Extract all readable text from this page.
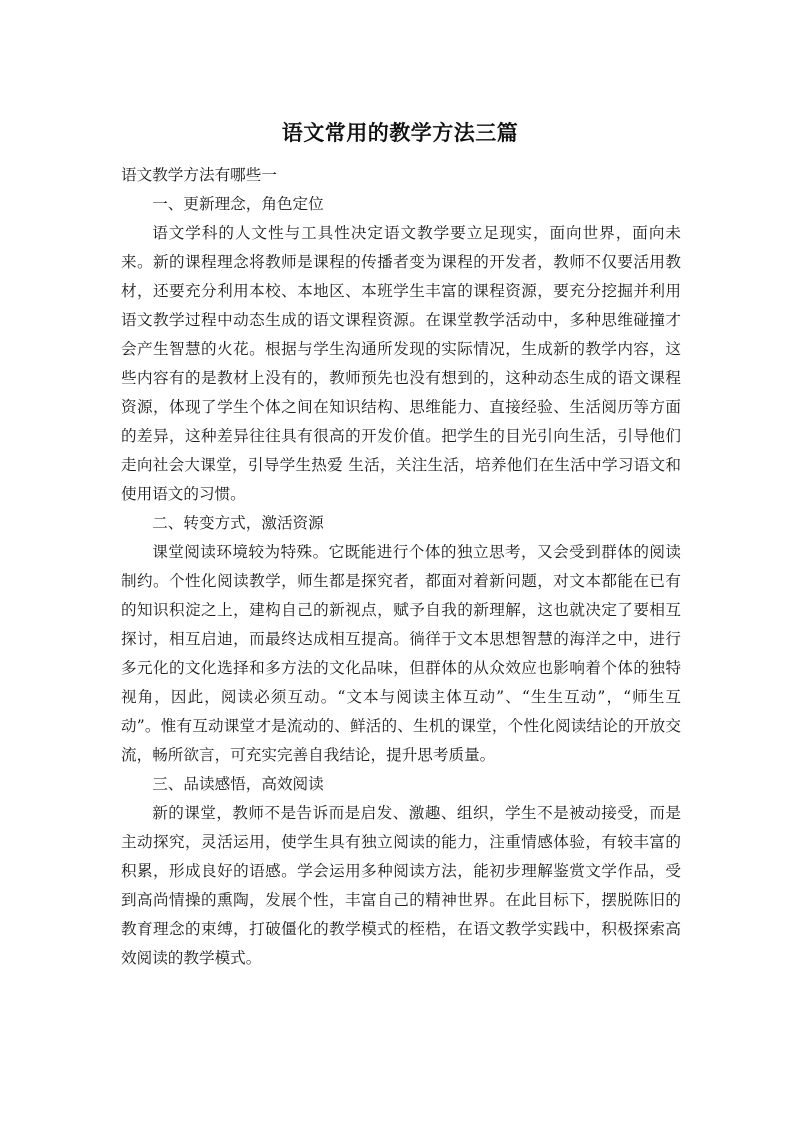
语文常用的教学方法三篇

语文教学方法有哪些一

一、更新理念，角色定位

语文学科的人文性与工具性决定语文教学要立足现实，面向世界，面向未来。新的课程理念将教师是课程的传播者变为课程的开发者，教师不仅要活用教材，还要充分利用本校、本地区、本班学生丰富的课程资源，要充分挖掘并利用语文教学过程中动态生成的语文课程资源。在课堂教学活动中，多种思维碰撞才会产生智慧的火花。根据与学生沟通所发现的实际情况，生成新的教学内容，这些内容有的是教材上没有的，教师预先也没有想到的，这种动态生成的语文课程资源，体现了学生个体之间在知识结构、思维能力、直接经验、生活阅历等方面的差异，这种差异往往具有很高的开发价值。把学生的目光引向生活，引导他们走向社会大课堂，引导学生热爱 生活，关注生活，培养他们在生活中学习语文和使用语文的习惯。

二、转变方式，激活资源

课堂阅读环境较为特殊。它既能进行个体的独立思考，又会受到群体的阅读制约。个性化阅读教学，师生都是探究者，都面对着新问题，对文本都能在已有的知识积淀之上，建构自己的新视点，赋予自我的新理解，这也就决定了要相互探讨，相互启迪，而最终达成相互提高。徜徉于文本思想智慧的海洋之中，进行多元化的文化选择和多方法的文化品味，但群体的从众效应也影响着个体的独特视角，因此，阅读必须互动。“文本与阅读主体互动”、“生生互动”，“师生互动”。惟有互动课堂才是流动的、鲜活的、生机的课堂，个性化阅读结论的开放交流，畅所欲言，可充实完善自我结论，提升思考质量。

三、品读感悟，高效阅读

新的课堂，教师不是告诉而是启发、激趣、组织，学生不是被动接受，而是主动探究，灵活运用，使学生具有独立阅读的能力，注重情感体验，有较丰富的积累，形成良好的语感。学会运用多种阅读方法，能初步理解鉴赏文学作品，受到高尚情操的熏陶，发展个性，丰富自己的精神世界。在此目标下，摆脱陈旧的教育理念的束缚，打破僵化的教学模式的桎梏，在语文教学实践中，积极探索高效阅读的教学模式。
